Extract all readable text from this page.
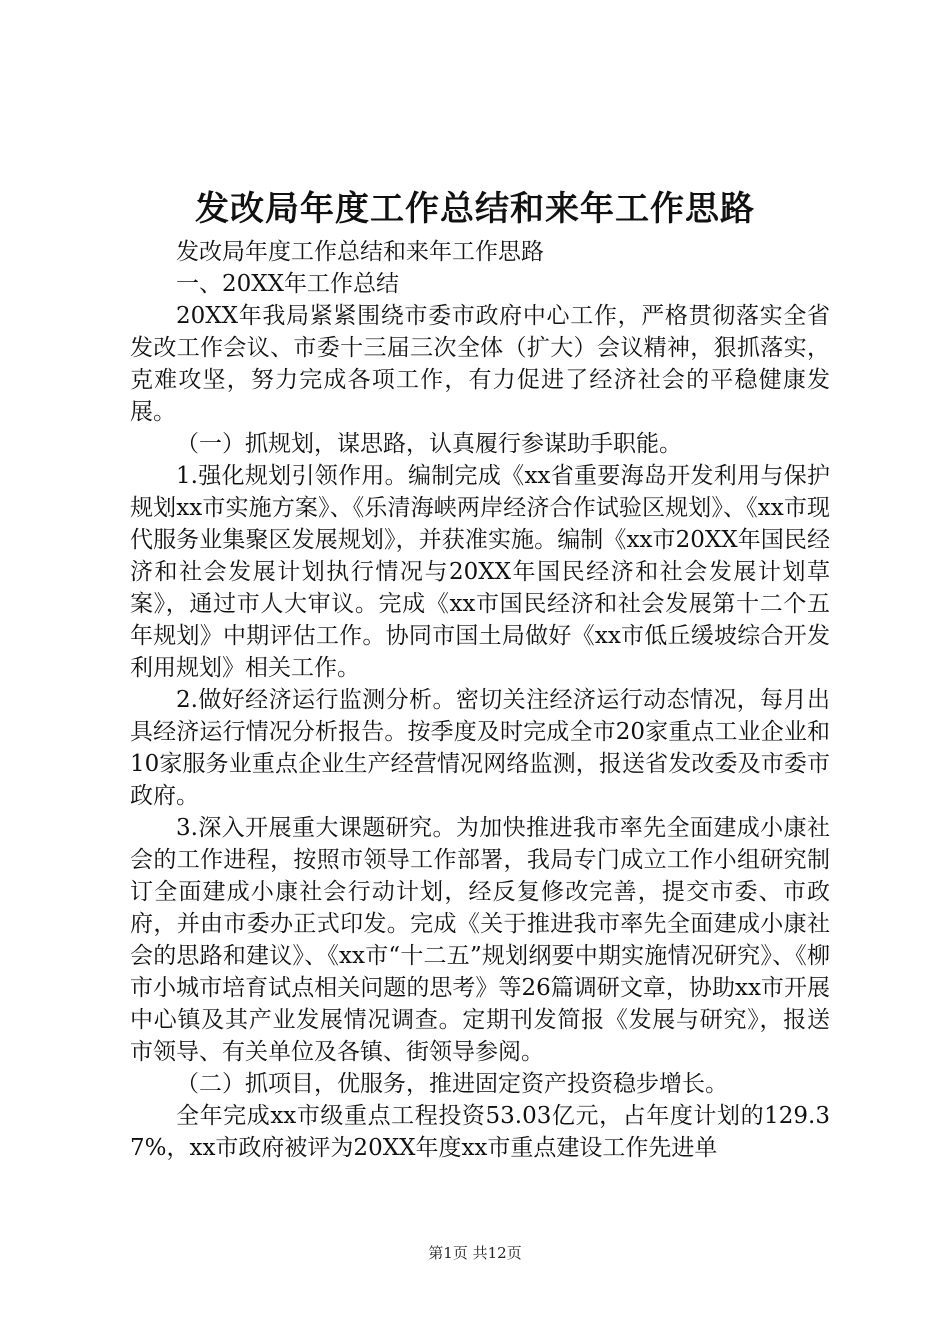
发改局年度工作总结和来年工作思路

发改局年度工作总结和来年工作思路

一、20XX年工作总结

20XX年我局紧紧围绕市委市政府中心工作，严格贯彻落实全省发改工作会议、市委十三届三次全体（扩大）会议精神，狠抓落实，克难攻坚，努力完成各项工作，有力促进了经济社会的平稳健康发展。

（一）抓规划，谋思路，认真履行参谋助手职能。

1.强化规划引领作用。编制完成《xx省重要海岛开发利用与保护规划xx市实施方案》、《乐清海峡两岸经济合作试验区规划》、《xx市现代服务业集聚区发展规划》，并获准实施。编制《xx市20XX年国民经济和社会发展计划执行情况与20XX年国民经济和社会发展计划草案》，通过市人大审议。完成《xx市国民经济和社会发展第十二个五年规划》中期评估工作。协同市国土局做好《xx市低丘缓坡综合开发利用规划》相关工作。

2.做好经济运行监测分析。密切关注经济运行动态情况，每月出具经济运行情况分析报告。按季度及时完成全市20家重点工业企业和10家服务业重点企业生产经营情况网络监测，报送省发改委及市委市政府。

3.深入开展重大课题研究。为加快推进我市率先全面建成小康社会的工作进程，按照市领导工作部署，我局专门成立工作小组研究制订全面建成小康社会行动计划，经反复修改完善，提交市委、市政府，并由市委办正式印发。完成《关于推进我市率先全面建成小康社会的思路和建议》、《xx市“十二五”规划纲要中期实施情况研究》、《柳市小城市培育试点相关问题的思考》等26篇调研文章，协助xx市开展中心镇及其产业发展情况调查。定期刊发简报《发展与研究》，报送市领导、有关单位及各镇、街领导参阅。

（二）抓项目，优服务，推进固定资产投资稳步增长。

全年完成xx市级重点工程投资53.03亿元，占年度计划的129.37%，xx市政府被评为20XX年度xx市重点建设工作先进单

第1页 共12页
